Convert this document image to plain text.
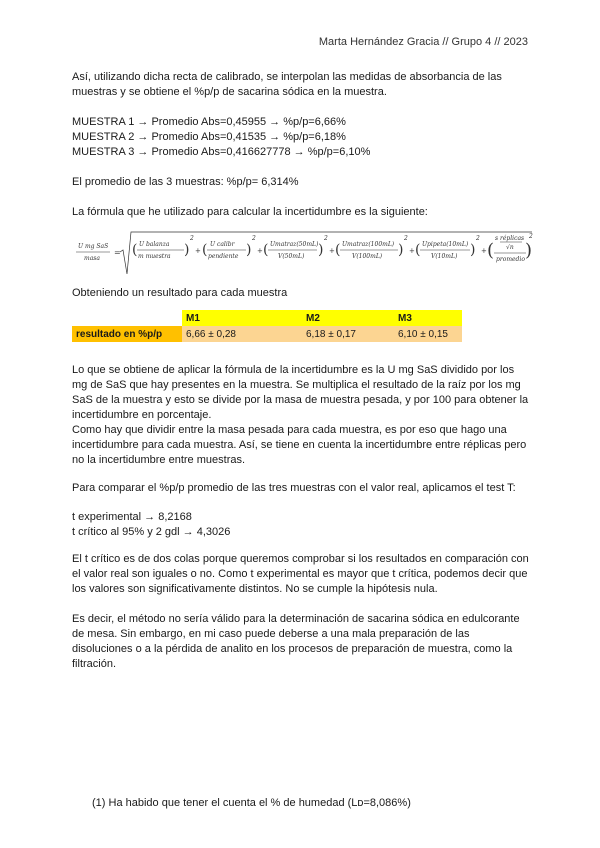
Marta Hernández Gracia // Grupo 4 // 2023
Así, utilizando dicha recta de calibrado, se interpolan las medidas de absorbancia de las muestras y se obtiene el %p/p de sacarina sódica en la muestra.
MUESTRA 1 → Promedio Abs=0,45955 → %p/p=6,66%
MUESTRA 2 → Promedio Abs=0,41535 → %p/p=6,18%
MUESTRA 3 → Promedio Abs=0,416627778 → %p/p=6,10%
El promedio de las 3 muestras: %p/p= 6,314%
La fórmula que he utilizado para calcular la incertidumbre es la siguiente:
U mg SaS
masa
= ( U balanza
m muestra )
2
+ ( U calibr
pendiente )
2
+ ( Umatraz(50mL)
V(50mL) )
2
+ ( Umatraz(100mL)
V(100mL) )
2
+ ( Upipeta(10mL)
V(10mL) )
2
+ (
s réplicas
√n
promedio )
2
Obteniendo un resultado para cada muestra
	M1	M2	M3
resultado en %p/p	6,66 ± 0,28	6,18 ± 0,17	6,10 ± 0,15
Lo que se obtiene de aplicar la fórmula de la incertidumbre es la U mg SaS dividido por los mg de SaS que hay presentes en la muestra. Se multiplica el resultado de la raíz por los mg SaS de la muestra y esto se divide por la masa de muestra pesada, y por 100 para obtener la incertidumbre en porcentaje.
Como hay que dividir entre la masa pesada para cada muestra, es por eso que hago una incertidumbre para cada muestra. Así, se tiene en cuenta la incertidumbre entre réplicas pero no la incertidumbre entre muestras.
Para comparar el %p/p promedio de las tres muestras con el valor real, aplicamos el test T:
t experimental → 8,2168
t crítico al 95% y 2 gdl → 4,3026
El t crítico es de dos colas porque queremos comprobar si los resultados en comparación con el valor real son iguales o no. Como t experimental es mayor que t crítica, podemos decir que los valores son significativamente distintos. No se cumple la hipótesis nula.
Es decir, el método no sería válido para la determinación de sacarina sódica en edulcorante de mesa. Sin embargo, en mi caso puede deberse a una mala preparación de las disoluciones o a la pérdida de analito en los procesos de preparación de muestra, como la filtración.
(1) Ha habido que tener el cuenta el % de humedad (Lᴅ=8,086%)
